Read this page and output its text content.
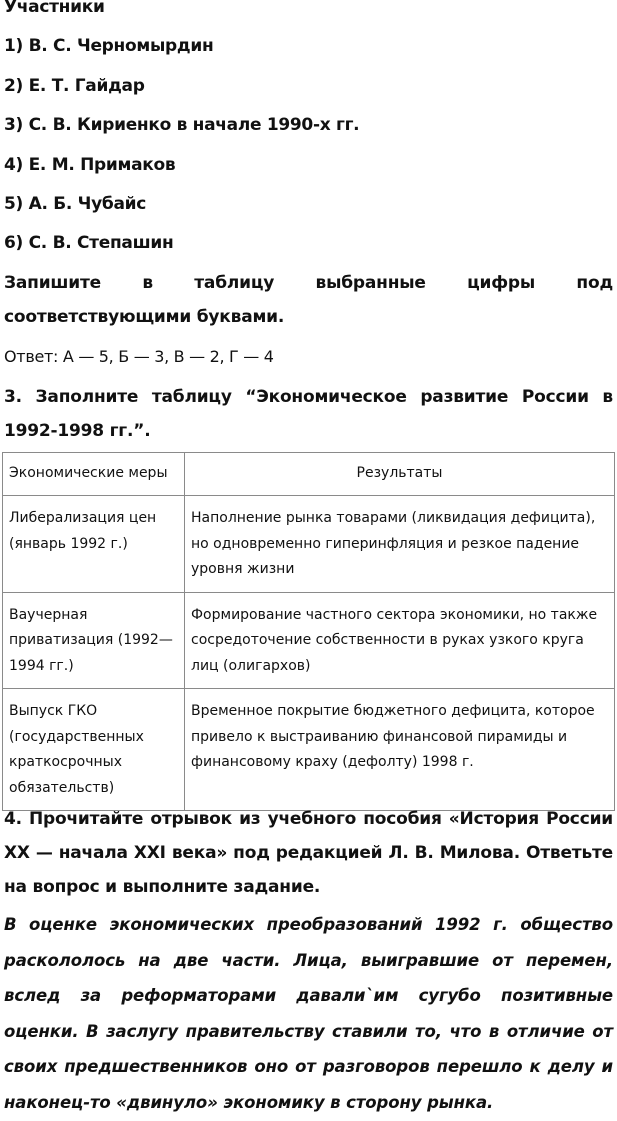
Участники

1) В. С. Черномырдин

2) Е. Т. Гайдар

3) С. В. Кириенко в начале 1990-х гг.

4) Е. М. Примаков

5) А. Б. Чубайс

6) С. В. Степашин

Запишите в таблицу выбранные цифры под соответствующими буквами.

Ответ: А — 5, Б — 3, В — 2, Г — 4

3. Заполните таблицу “Экономическое развитие России в 1992-1998 гг.”.

Экономические меры	Результаты
Либерализация цен (январь 1992 г.)	Наполнение рынка товарами (ликвидация дефицита), но одновременно гиперинфляция и резкое падение уровня жизни
Ваучерная приватизация (1992—1994 гг.)	Формирование частного сектора экономики, но также сосредоточение собственности в руках узкого круга лиц (олигархов)
Выпуск ГКО (государственных краткосрочных обязательств)	Временное покрытие бюджетного дефицита, которое привело к выстраиванию финансовой пирамиды и финансовому краху (дефолту) 1998 г.

4. Прочитайте отрывок из учебного пособия «История России XX — начала XXI века» под редакцией Л. В. Милова. Ответьте на вопрос и выполните задание.

В оценке экономических преобразований 1992 г. общество раскололось на две части. Лица, выигравшие от перемен, вслед за реформаторами давали`им сугубо позитивные оценки. В заслугу правительству ставили то, что в отличие от своих предшественников оно от разговоров перешло к делу и наконец-то «двинуло» экономику в сторону рынка.
